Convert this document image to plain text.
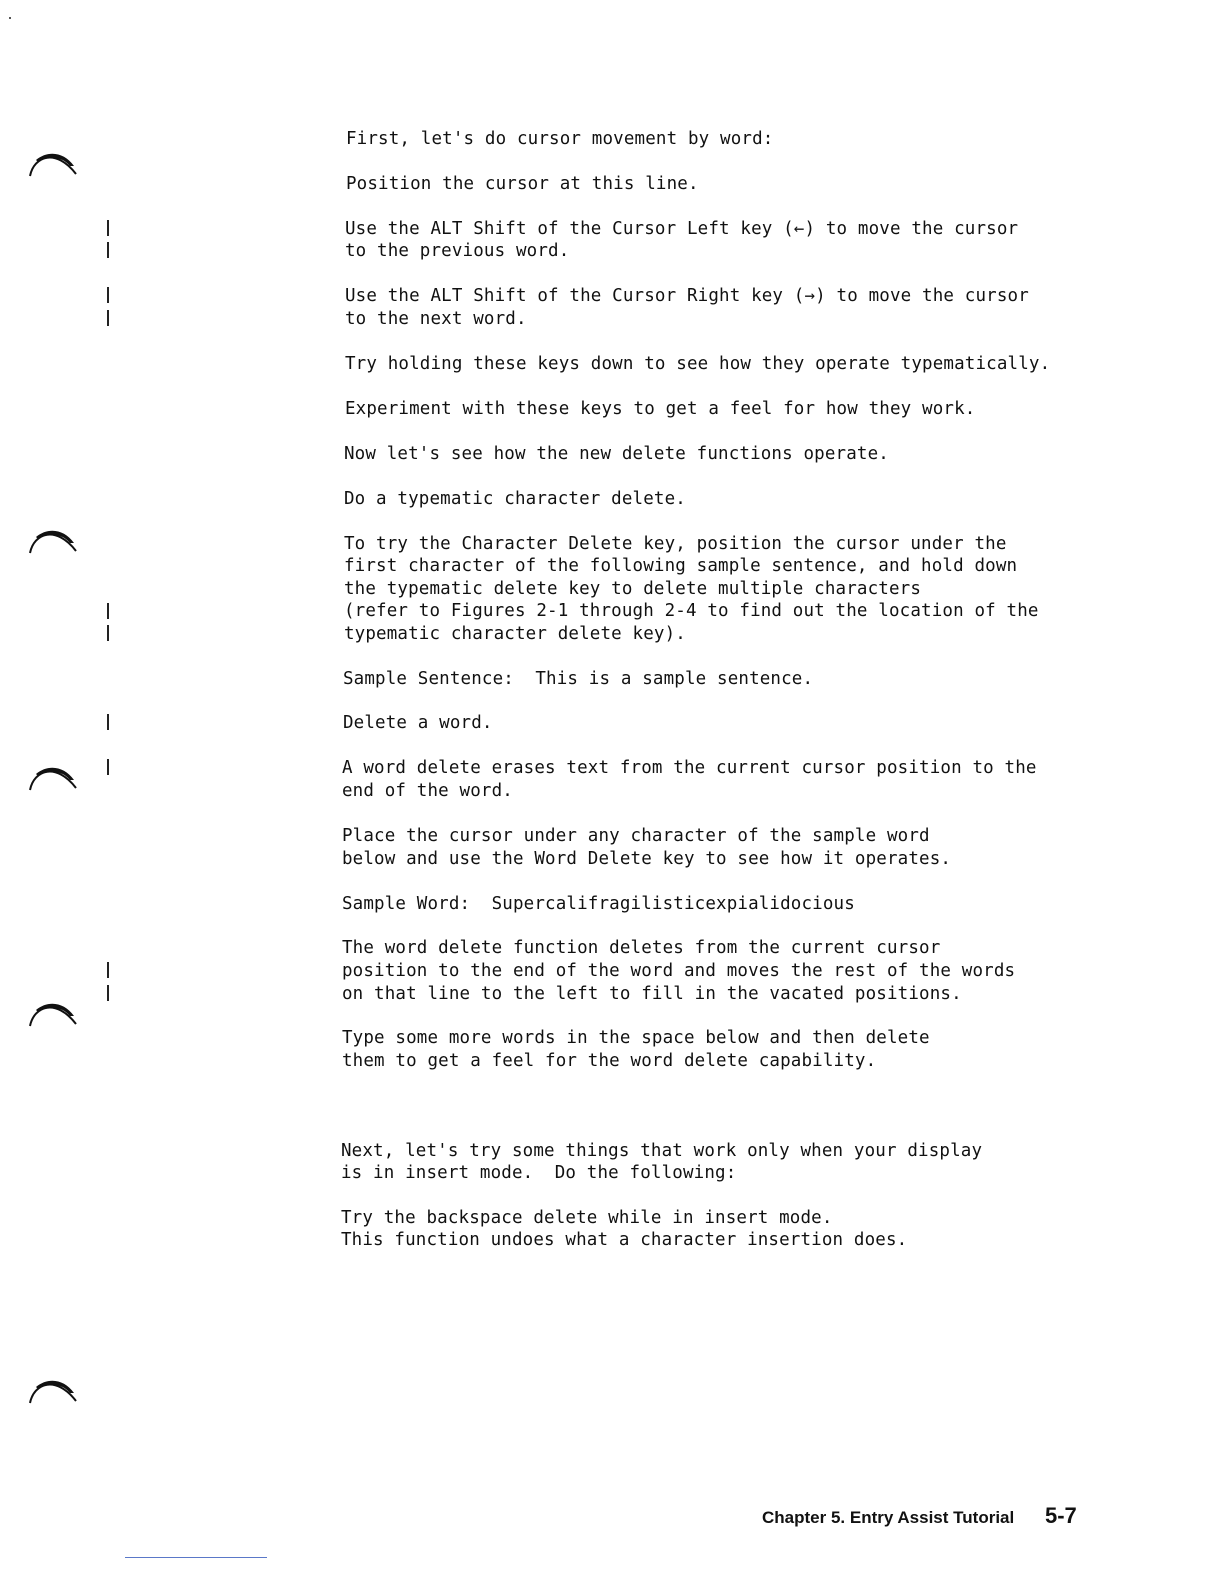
First, let's do cursor movement by word:
Position the cursor at this line.
Use the ALT Shift of the Cursor Left key (←) to move the cursor
to the previous word.
Use the ALT Shift of the Cursor Right key (→) to move the cursor
to the next word.
Try holding these keys down to see how they operate typematically.
Experiment with these keys to get a feel for how they work.
Now let's see how the new delete functions operate.
Do a typematic character delete.
To try the Character Delete key, position the cursor under the
first character of the following sample sentence, and hold down
the typematic delete key to delete multiple characters
(refer to Figures 2-1 through 2-4 to find out the location of the
typematic character delete key).
Sample Sentence:  This is a sample sentence.
Delete a word.
A word delete erases text from the current cursor position to the
end of the word.
Place the cursor under any character of the sample word
below and use the Word Delete key to see how it operates.
Sample Word:  Supercalifragilisticexpialidocious
The word delete function deletes from the current cursor
position to the end of the word and moves the rest of the words
on that line to the left to fill in the vacated positions.
Type some more words in the space below and then delete
them to get a feel for the word delete capability.
Next, let's try some things that work only when your display
is in insert mode.  Do the following:
Try the backspace delete while in insert mode.
This function undoes what a character insertion does.
Chapter 5. Entry Assist Tutorial 5-7
